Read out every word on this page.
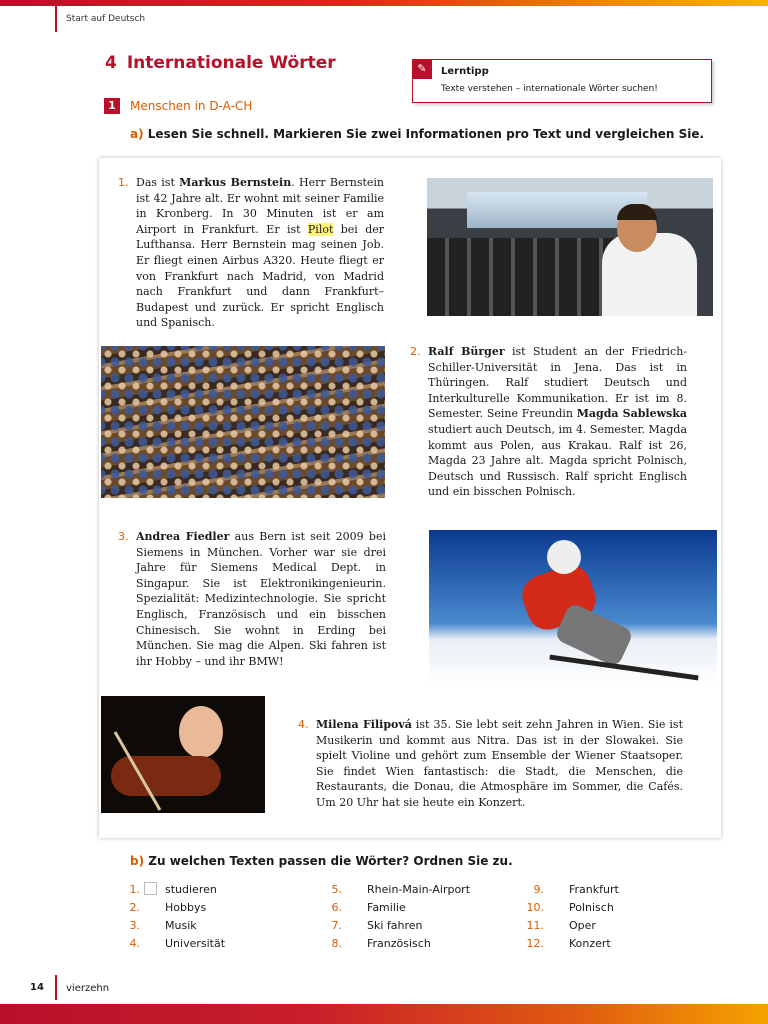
Start auf Deutsch
4 Internationale Wörter	✎	Lerntipp
Texte verstehen – internationale Wörter suchen!
1	Menschen in D-A-CH
a) Lesen Sie schnell. Markieren Sie zwei Informationen pro Text und vergleichen Sie.
1. Das ist Markus Bernstein. Herr Bernstein ist 42 Jahre alt. Er wohnt mit seiner Familie in Kronberg. In 30 Minuten ist er am Airport in Frankfurt. Er ist Pilot bei der Lufthansa. Herr Bernstein mag seinen Job. Er fliegt einen Airbus A320. Heute fliegt er von Frankfurt nach Madrid, von Madrid nach Frankfurt und dann Frankfurt–Budapest und zurück. Er spricht Englisch und Spanisch.
2. Ralf Bürger ist Student an der Friedrich-Schiller-Universität in Jena. Das ist in Thüringen. Ralf studiert Deutsch und Interkulturelle Kommunikation. Er ist im 8. Semester. Seine Freundin Magda Sablewska studiert auch Deutsch, im 4. Semester. Magda kommt aus Polen, aus Krakau. Ralf ist 26, Magda 23 Jahre alt. Magda spricht Polnisch, Deutsch und Russisch. Ralf spricht Englisch und ein bisschen Polnisch.
3. Andrea Fiedler aus Bern ist seit 2009 bei Siemens in München. Vorher war sie drei Jahre für Siemens Medical Dept. in Singapur. Sie ist Elektronikingenieurin. Spezialität: Medizintechnologie. Sie spricht Englisch, Französisch und ein bisschen Chinesisch. Sie wohnt in Erding bei München. Sie mag die Alpen. Ski fahren ist ihr Hobby – und ihr BMW!
4. Milena Filipová ist 35. Sie lebt seit zehn Jahren in Wien. Sie ist Musikerin und kommt aus Nitra. Das ist in der Slowakei. Sie spielt Violine und gehört zum Ensemble der Wiener Staatsoper. Sie findet Wien fantastisch: die Stadt, die Menschen, die Restaurants, die Donau, die Atmosphäre im Sommer, die Cafés. Um 20 Uhr hat sie heute ein Konzert.
b) Zu welchen Texten passen die Wörter? Ordnen Sie zu.
1. studieren
2. Hobbys
3. Musik
4. Universität
5. Rhein-Main-Airport
6. Familie
7. Ski fahren
8. Französisch
9. Frankfurt
10. Polnisch
11. Oper
12. Konzert
14 vierzehn
